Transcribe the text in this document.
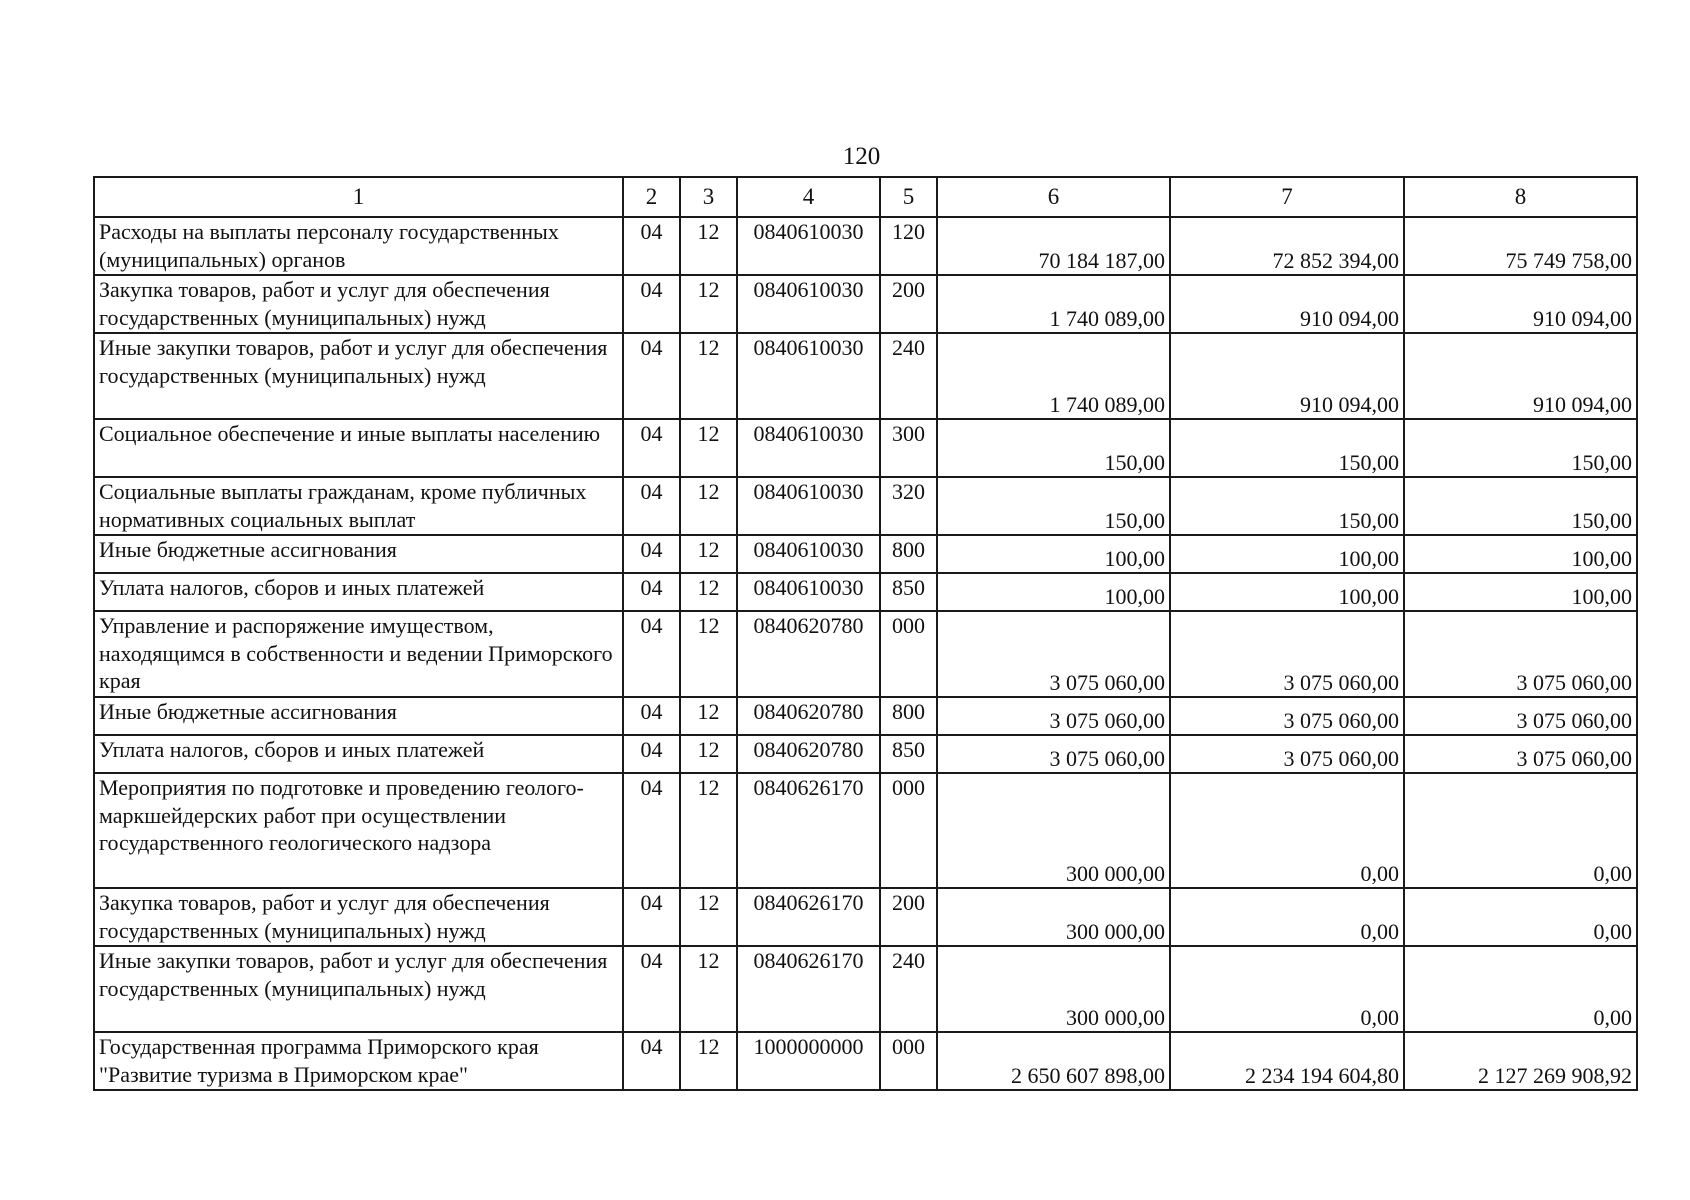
120
1	2	3	4	5	6	7	8
Расходы на выплаты персоналу государственных (муниципальных) органов	04	12	0840610030	120	70 184 187,00	72 852 394,00	75 749 758,00
Закупка товаров, работ и услуг для обеспечения государственных (муниципальных) нужд	04	12	0840610030	200	1 740 089,00	910 094,00	910 094,00
Иные закупки товаров, работ и услуг для обеспечения государственных (муниципальных) нужд	04	12	0840610030	240	1 740 089,00	910 094,00	910 094,00
Социальное обеспечение и иные выплаты населению	04	12	0840610030	300	150,00	150,00	150,00
Социальные выплаты гражданам, кроме публичных нормативных социальных выплат	04	12	0840610030	320	150,00	150,00	150,00
Иные бюджетные ассигнования	04	12	0840610030	800	100,00	100,00	100,00
Уплата налогов, сборов и иных платежей	04	12	0840610030	850	100,00	100,00	100,00
Управление и распоряжение имуществом, находящимся в собственности и ведении Приморского края	04	12	0840620780	000	3 075 060,00	3 075 060,00	3 075 060,00
Иные бюджетные ассигнования	04	12	0840620780	800	3 075 060,00	3 075 060,00	3 075 060,00
Уплата налогов, сборов и иных платежей	04	12	0840620780	850	3 075 060,00	3 075 060,00	3 075 060,00
Мероприятия по подготовке и проведению геолого-маркшейдерских работ при осуществлении государственного геологического надзора	04	12	0840626170	000	300 000,00	0,00	0,00
Закупка товаров, работ и услуг для обеспечения государственных (муниципальных) нужд	04	12	0840626170	200	300 000,00	0,00	0,00
Иные закупки товаров, работ и услуг для обеспечения государственных (муниципальных) нужд	04	12	0840626170	240	300 000,00	0,00	0,00
Государственная программа Приморского края "Развитие туризма в Приморском крае"	04	12	1000000000	000	2 650 607 898,00	2 234 194 604,80	2 127 269 908,92
